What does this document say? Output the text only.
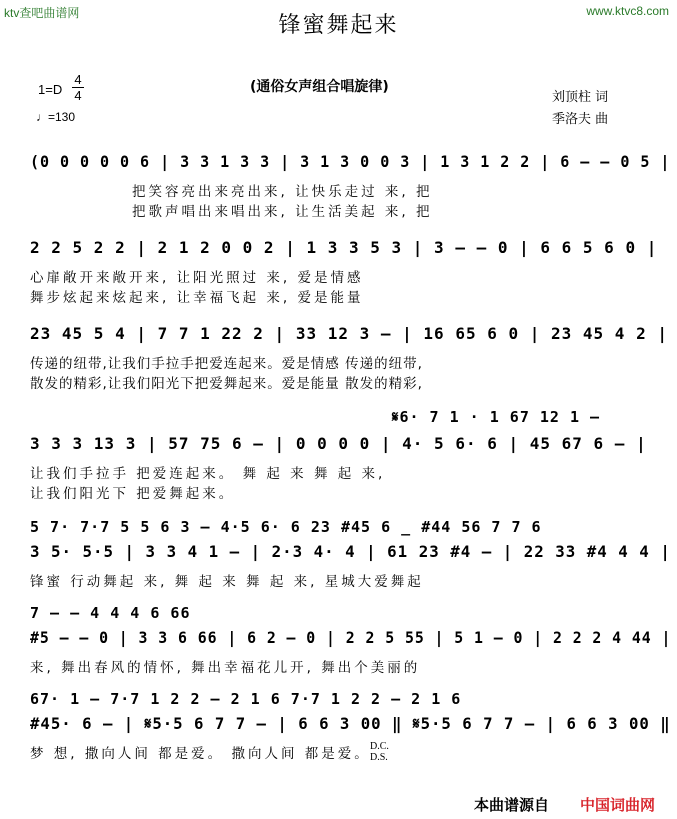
ktv查吧曲谱网	www.ktvc8.com
锋蜜舞起来
(通俗女声组合唱旋律)
1=D
4
4
♩=130
刘顶柱 词
季洛夫 曲
(0 0 0 0 0 6 | 3 3 1 3 3 | 3 1 3 0 0 3 | 1 3 1 2 2 | 6 – – 0 5 |
把笑容亮出来亮出来, 让快乐走过 来, 把
把歌声唱出来唱出来, 让生活美起 来, 把
2 2 5 2 2 | 2 1 2 0 0 2 | 1 3 3 5 3 | 3 – – 0 | 6 6 5 6 0 |
心扉敞开来敞开来, 让阳光照过 来, 爱是情感
舞步炫起来炫起来, 让幸福飞起 来, 爱是能量
23 45 5 4 | 7 7 1 22 2 | 33 12 3 – | 16 65 6 0 | 23 45 4 2 |
传递的纽带,让我们手拉手把爱连起来。爱是情感 传递的纽带,
散发的精彩,让我们阳光下把爱舞起来。爱是能量 散发的精彩,
𝄋6· 7 1 · 1 67 12 1 –
3 3 3 13 3 | 57 75 6 – | 0 0 0 0 | 4· 5 6· 6 | 45 67 6 – |
让我们手拉手 把爱连起来。 舞 起 来 舞 起 来,
让我们阳光下 把爱舞起来。
5 7· 7·7 5 5 6 3 – 4·5 6· 6 23 #45 6 _ #44 56 7 7 6
3 5· 5·5 | 3 3 4 1 – | 2·3 4· 4 | 61 23 #4 – | 22 33 #4 4 4 |
锋蜜 行动舞起 来, 舞 起 来 舞 起 来, 星城大爱舞起
7 – – 4 4 4 6 66
#5 – – 0 | 3 3 6 66 | 6 2 – 0 | 2 2 5 55 | 5 1 – 0 | 2 2 2 4 44 |
来, 舞出春风的情怀, 舞出幸福花儿开, 舞出个美丽的
67· 1 – 7·7 1 2 2 – 2 1 6 7·7 1 2 2 – 2 1 6
#45· 6 – | 𝄋5·5 6 7 7 – | 6 6 3 00 ‖ 𝄋5·5 6 7 7 – | 6 6 3 00 ‖
梦 想, 撒向人间 都是爱。 撒向人间 都是爱。 D.C.
D.S.
本曲谱源自 中国词曲网
